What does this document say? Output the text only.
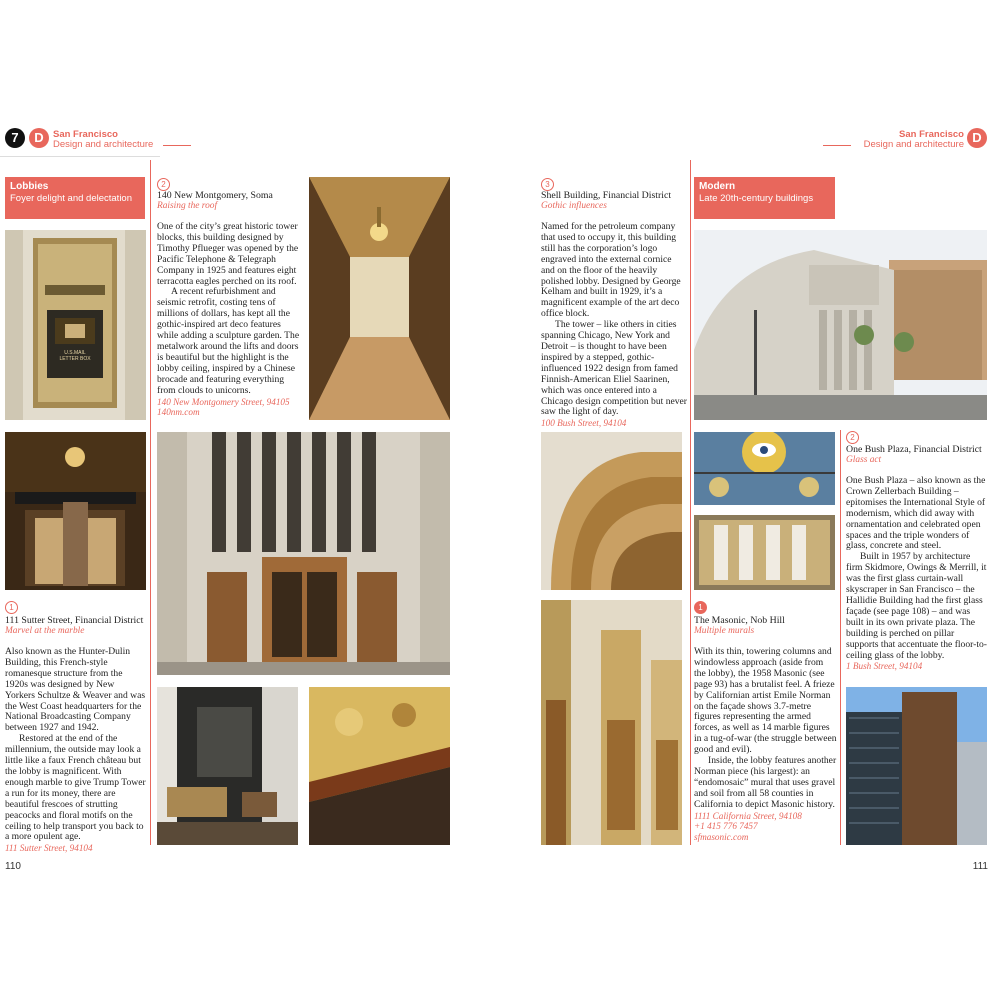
7	D San Francisco
Design and architecture
San Francisco
Design and architecture D
Lobbies
Foyer delight and delectation
U.S.MAIL
LETTER BOX
1
111 Sutter Street, Financial District
Marvel at the marble

Also known as the Hunter-Dulin Building, this French-style romanesque structure from the 1920s was designed by New Yorkers Schultze & Weaver and was the West Coast headquarters for the National Broadcasting Company between 1927 and 1942.

Restored at the end of the millennium, the outside may look a little like a faux French château but the lobby is magnificent. With enough marble to give Trump Tower a run for its money, there are beautiful frescoes of strutting peacocks and floral motifs on the ceiling to help transport you back to a more opulent age.

111 Sutter Street, 94104
2
140 New Montgomery, Soma
Raising the roof

One of the city’s great historic tower blocks, this building designed by Timothy Pflueger was opened by the Pacific Telephone & Telegraph Company in 1925 and features eight terracotta eagles perched on its roof.

A recent refurbishment and seismic retrofit, costing tens of millions of dollars, has kept all the gothic-inspired art deco features while adding a sculpture garden. The metalwork around the lifts and doors is beautiful but the highlight is the lobby ceiling, inspired by a Chinese brocade and featuring everything from clouds to unicorns.

140 New Montgomery Street, 94105
140nm.com
110
3
Shell Building, Financial District
Gothic influences

Named for the petroleum company that used to occupy it, this building still has the corporation’s logo engraved into the external cornice and on the floor of the heavily polished lobby. Designed by George Kelham and built in 1929, it’s a magnificent example of the art deco office block.

The tower – like others in cities spanning Chicago, New York and Detroit – is thought to have been inspired by a stepped, gothic-influenced 1922 design from famed Finnish-American Eliel Saarinen, which was once entered into a Chicago design competition but never saw the light of day.

100 Bush Street, 94104
Modern
Late 20th-century buildings
1
The Masonic, Nob Hill
Multiple murals

With its thin, towering columns and windowless approach (aside from the lobby), the 1958 Masonic (see page 93) has a brutalist feel. A frieze by Californian artist Emile Norman on the façade shows 3.7-metre figures representing the armed forces, as well as 14 marble figures in a tug-of-war (the struggle between good and evil).

Inside, the lobby features another Norman piece (his largest): an “endomosaic” mural that uses gravel and soil from all 58 counties in California to depict Masonic history.

1111 California Street, 94108
+1 415 776 7457
sfmasonic.com
2
One Bush Plaza, Financial District
Glass act

One Bush Plaza – also known as the Crown Zellerbach Building – epitomises the International Style of modernism, which did away with ornamentation and celebrated open spaces and the triple wonders of glass, concrete and steel.

Built in 1957 by architecture firm Skidmore, Owings & Merrill, it was the first glass curtain-wall skyscraper in San Francisco – the Hallidie Building had the first glass façade (see page 108) – and was built in its own private plaza. The building is perched on pillar supports that accentuate the floor-to-ceiling glass of the lobby.

1 Bush Street, 94104
111
